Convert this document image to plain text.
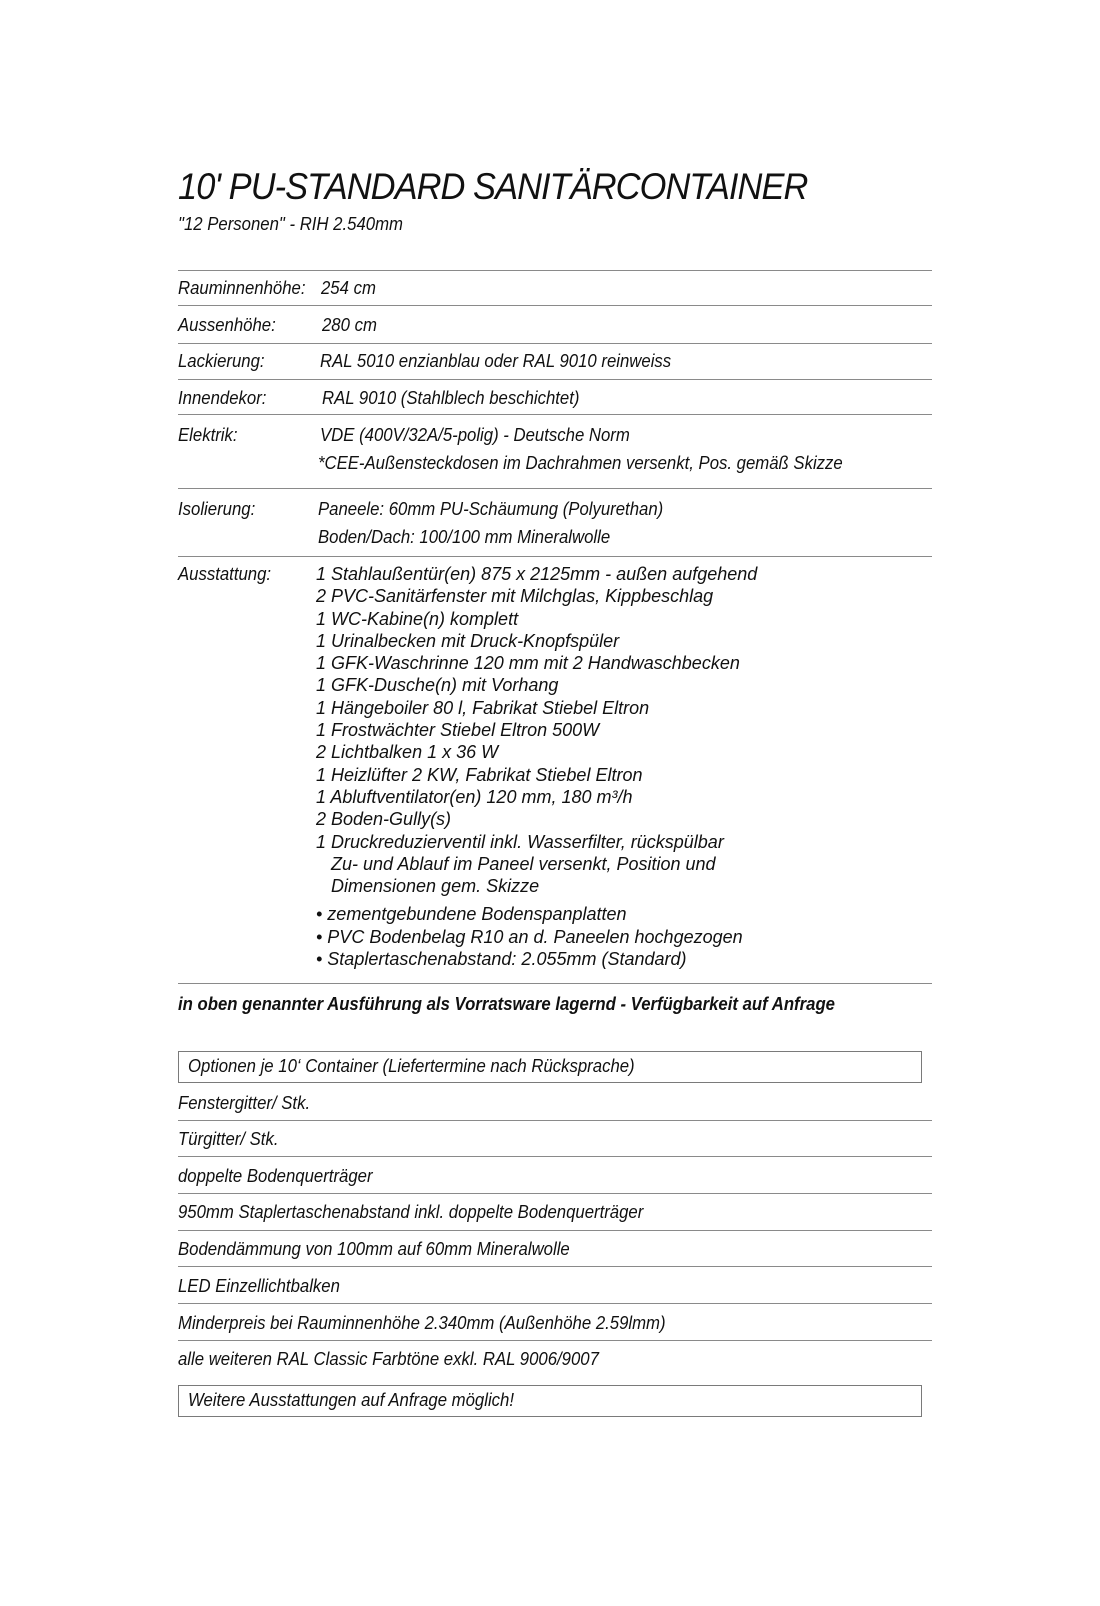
10' PU-STANDARD SANITÄRCONTAINER
"12 Personen" - RIH 2.540mm
Rauminnenhöhe: 254 cm
Aussenhöhe:	280 cm
Lackierung:	RAL 5010 enzianblau oder RAL 9010 reinweiss
Innendekor:	RAL 9010 (Stahlblech beschichtet)
Elektrik:	VDE (400V/32A/5-polig) - Deutsche Norm
*CEE-Außensteckdosen im Dachrahmen versenkt, Pos. gemäß Skizze
Isolierung:	Paneele: 60mm PU-Schäumung (Polyurethan)
Boden/Dach: 100/100 mm Mineralwolle
Ausstattung: 1 Stahlaußentür(en) 875 x 2125mm - außen aufgehend
2 PVC-Sanitärfenster mit Milchglas, Kippbeschlag
1 WC-Kabine(n) komplett
1 Urinalbecken mit Druck-Knopfspüler
1 GFK-Waschrinne 120 mm mit 2 Handwaschbecken
1 GFK-Dusche(n) mit Vorhang
1 Hängeboiler 80 l, Fabrikat Stiebel Eltron
1 Frostwächter Stiebel Eltron 500W
2 Lichtbalken 1 x 36 W
1 Heizlüfter 2 KW, Fabrikat Stiebel Eltron
1 Abluftventilator(en) 120 mm, 180 m³/h
2 Boden-Gully(s)
1 Druckreduzierventil inkl. Wasserfilter, rückspülbar
Zu- und Ablauf im Paneel versenkt, Position und
Dimensionen gem. Skizze
• zementgebundene Bodenspanplatten
• PVC Bodenbelag R10 an d. Paneelen hochgezogen
• Staplertaschenabstand: 2.055mm (Standard)
in oben genannter Ausführung als Vorratsware lagernd - Verfügbarkeit auf Anfrage
Optionen je 10‘ Container (Liefertermine nach Rücksprache)
Fenstergitter/ Stk.
Türgitter/ Stk.
doppelte Bodenquerträger
950mm Staplertaschenabstand inkl. doppelte Bodenquerträger
Bodendämmung von 100mm auf 60mm Mineralwolle
LED Einzellichtbalken
Minderpreis bei Rauminnenhöhe 2.340mm (Außenhöhe 2.59lmm)
alle weiteren RAL Classic Farbtöne exkl. RAL 9006/9007
Weitere Ausstattungen auf Anfrage möglich!
